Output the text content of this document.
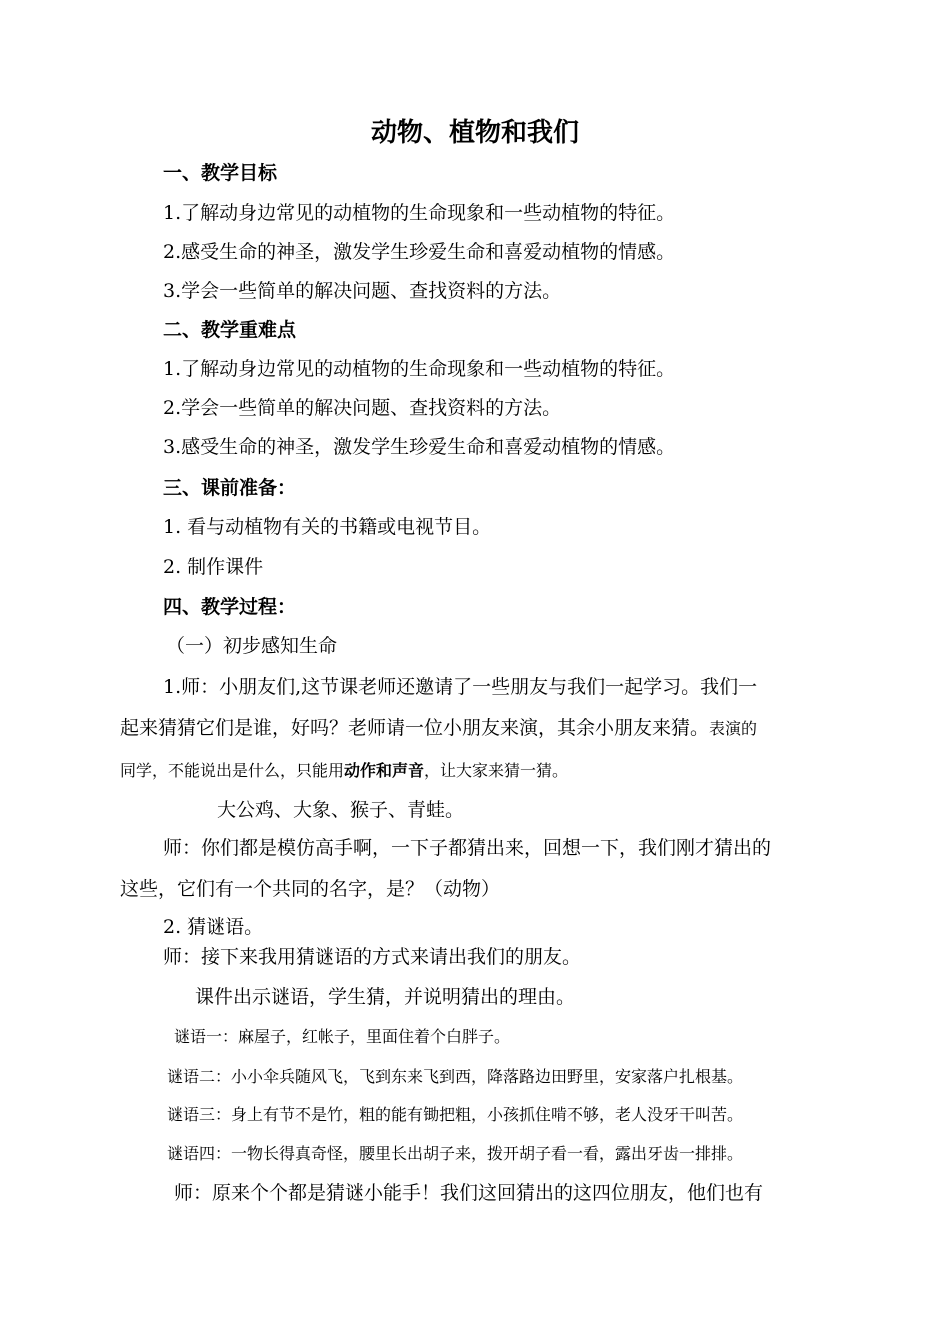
动物、植物和我们
一、教学目标
1.了解动身边常见的动植物的生命现象和一些动植物的特征。
2.感受生命的神圣，激发学生珍爱生命和喜爱动植物的情感。
3.学会一些简单的解决问题、查找资料的方法。
二、教学重难点
1.了解动身边常见的动植物的生命现象和一些动植物的特征。
2.学会一些简单的解决问题、查找资料的方法。
3.感受生命的神圣，激发学生珍爱生命和喜爱动植物的情感。
三、课前准备：
1. 看与动植物有关的书籍或电视节目。
2. 制作课件
四、教学过程：
（一）初步感知生命
1.师：小朋友们,这节课老师还邀请了一些朋友与我们一起学习。我们一
起来猜猜它们是谁，好吗？老师请一位小朋友来演，其余小朋友来猜。表演的
同学，不能说出是什么，只能用动作和声音，让大家来猜一猜。
大公鸡、大象、猴子、青蛙。
师：你们都是模仿高手啊，一下子都猜出来，回想一下，我们刚才猜出的
这些，它们有一个共同的名字，是？（动物）
2. 猜谜语。
师：接下来我用猜谜语的方式来请出我们的朋友。
课件出示谜语，学生猜，并说明猜出的理由。
谜语一：麻屋子，红帐子，里面住着个白胖子。
谜语二：小小伞兵随风飞，飞到东来飞到西，降落路边田野里，安家落户扎根基。
谜语三：身上有节不是竹，粗的能有锄把粗，小孩抓住啃不够，老人没牙干叫苦。
谜语四：一物长得真奇怪，腰里长出胡子来，拨开胡子看一看，露出牙齿一排排。
师：原来个个都是猜谜小能手！我们这回猜出的这四位朋友，他们也有
